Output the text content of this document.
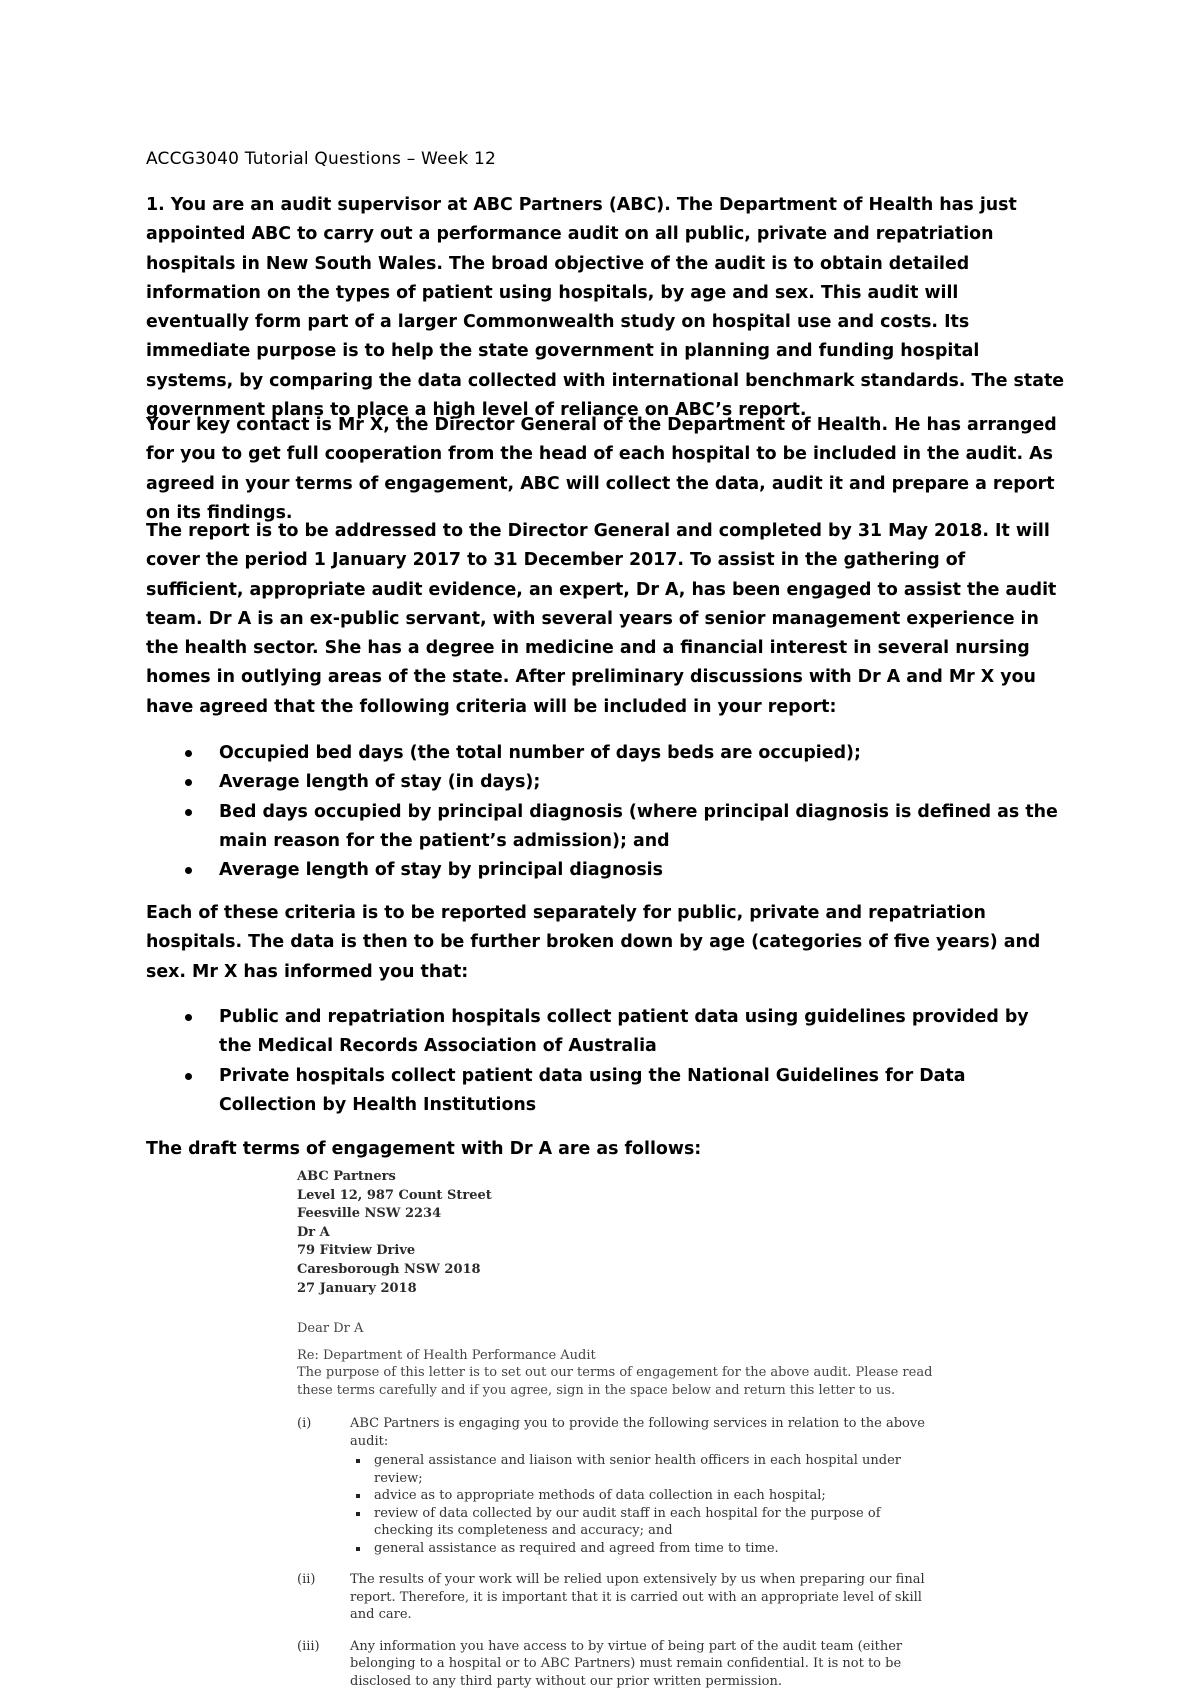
ACCG3040 Tutorial Questions – Week 12

1. You are an audit supervisor at ABC Partners (ABC). The Department of Health has just appointed ABC to carry out a performance audit on all public, private and repatriation hospitals in New South Wales. The broad objective of the audit is to obtain detailed information on the types of patient using hospitals, by age and sex. This audit will eventually form part of a larger Commonwealth study on hospital use and costs. Its immediate purpose is to help the state government in planning and funding hospital systems, by comparing the data collected with international benchmark standards. The state government plans to place a high level of reliance on ABC’s report.

Your key contact is Mr X, the Director General of the Department of Health. He has arranged for you to get full cooperation from the head of each hospital to be included in the audit. As agreed in your terms of engagement, ABC will collect the data, audit it and prepare a report on its findings.

The report is to be addressed to the Director General and completed by 31 May 2018. It will cover the period 1 January 2017 to 31 December 2017. To assist in the gathering of sufficient, appropriate audit evidence, an expert, Dr A, has been engaged to assist the audit team. Dr A is an ex-public servant, with several years of senior management experience in the health sector. She has a degree in medicine and a financial interest in several nursing homes in outlying areas of the state. After preliminary discussions with Dr A and Mr X you have agreed that the following criteria will be included in your report:

Occupied bed days (the total number of days beds are occupied);
Average length of stay (in days);
Bed days occupied by principal diagnosis (where principal diagnosis is defined as the main reason for the patient’s admission); and
Average length of stay by principal diagnosis

Each of these criteria is to be reported separately for public, private and repatriation hospitals. The data is then to be further broken down by age (categories of five years) and sex. Mr X has informed you that:

Public and repatriation hospitals collect patient data using guidelines provided by the Medical Records Association of Australia
Private hospitals collect patient data using the National Guidelines for Data Collection by Health Institutions

The draft terms of engagement with Dr A are as follows:

ABC Partners
Level 12, 987 Count Street
Feesville NSW 2234
Dr A
79 Fitview Drive
Caresborough NSW 2018
27 January 2018
Dear Dr A
Re: Department of Health Performance Audit
The purpose of this letter is to set out our terms of engagement for the above audit. Please read these terms carefully and if you agree, sign in the space below and return this letter to us.
(i)	ABC Partners is engaging you to provide the following services in relation to the above audit:
general assistance and liaison with senior health officers in each hospital under review;
advice as to appropriate methods of data collection in each hospital;
review of data collected by our audit staff in each hospital for the purpose of checking its completeness and accuracy; and
general assistance as required and agreed from time to time.
(ii)	The results of your work will be relied upon extensively by us when preparing our final report. Therefore, it is important that it is carried out with an appropriate level of skill and care.
(iii) Any information you have access to by virtue of being part of the audit team (either belonging to a hospital or to ABC Partners) must remain confidential. It is not to be disclosed to any third party without our prior written permission.
